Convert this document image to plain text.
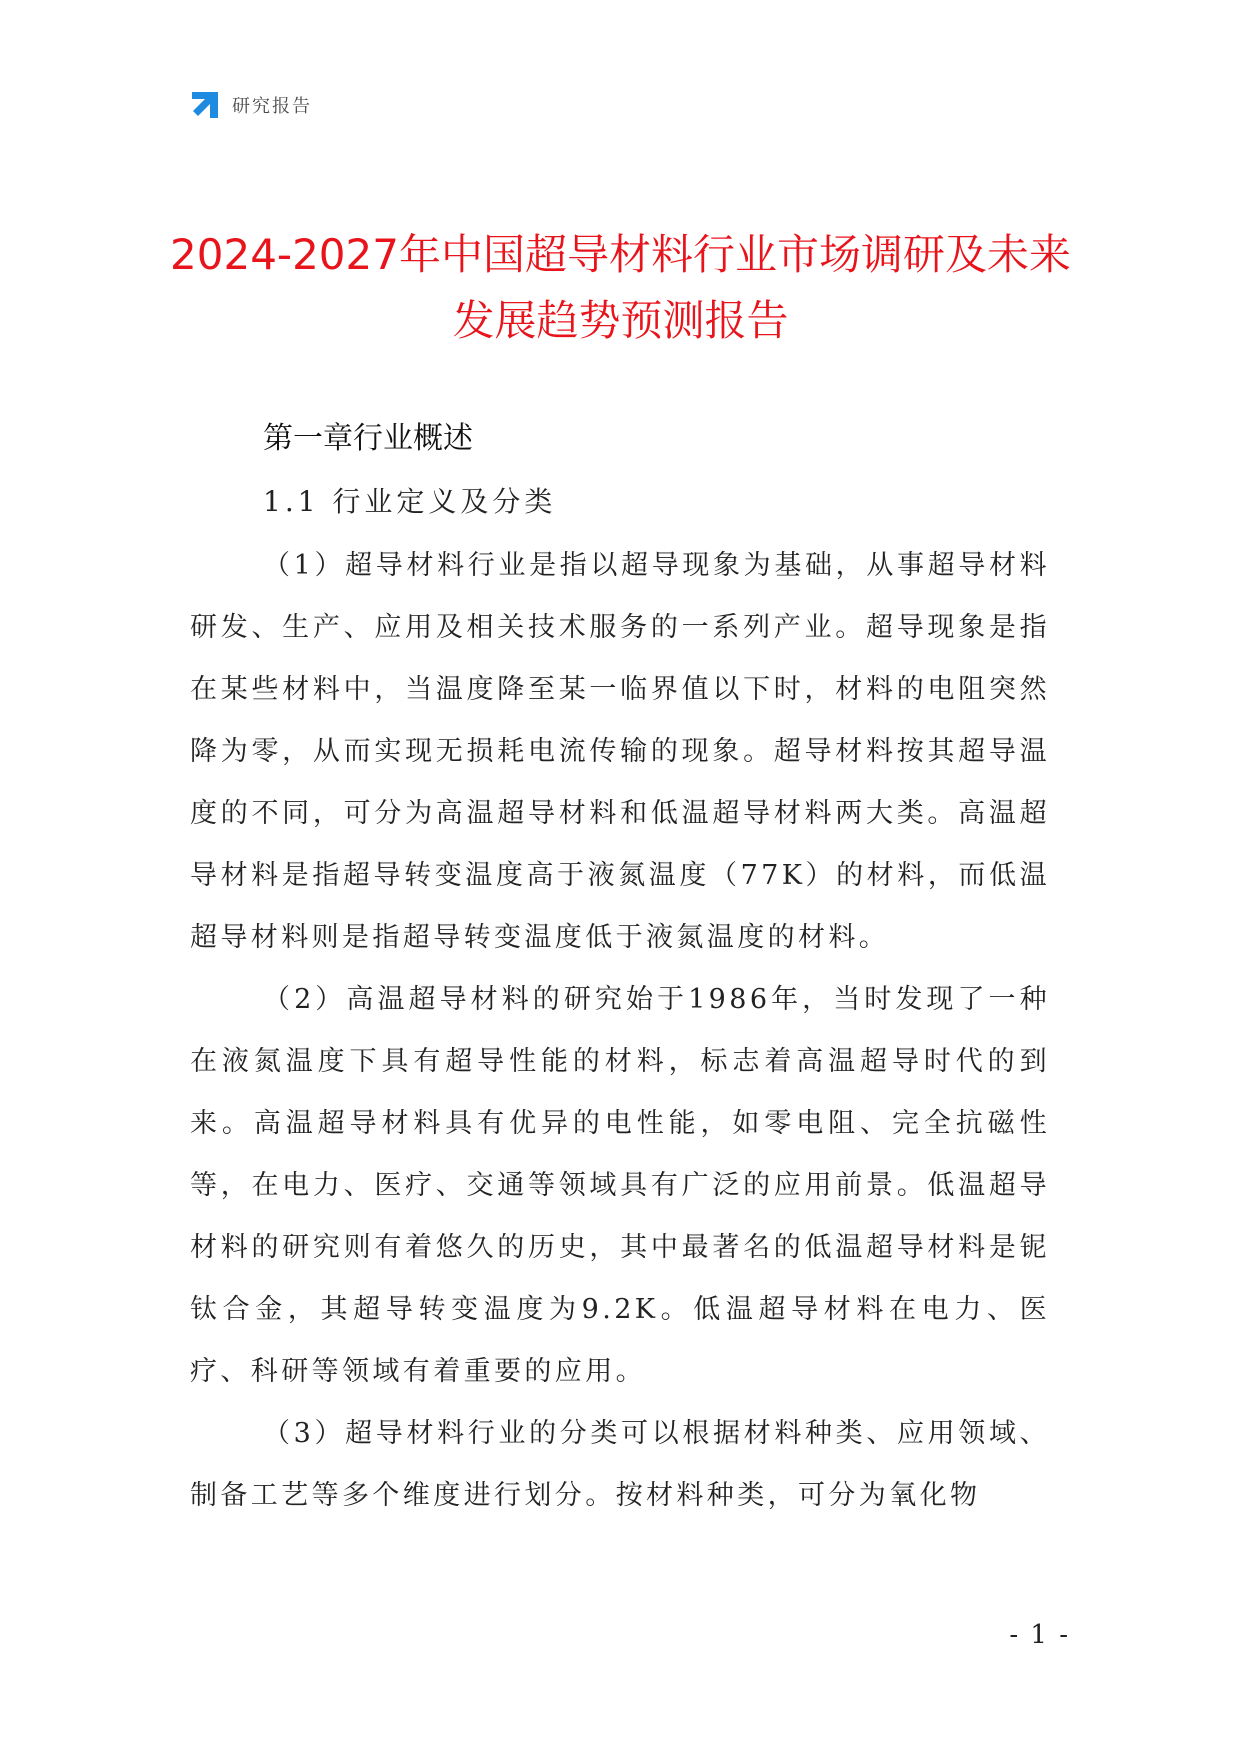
研究报告
2024-2027年中国超导材料行业市场调研及未来发展趋势预测报告
第一章行业概述
1.1 行业定义及分类

（1）超导材料行业是指以超导现象为基础，从事超导材料研发、生产、应用及相关技术服务的一系列产业。超导现象是指在某些材料中，当温度降至某一临界值以下时，材料的电阻突然降为零，从而实现无损耗电流传输的现象。超导材料按其超导温度的不同，可分为高温超导材料和低温超导材料两大类。高温超导材料是指超导转变温度高于液氮温度（77K）的材料，而低温超导材料则是指超导转变温度低于液氮温度的材料。

（2）高温超导材料的研究始于1986年，当时发现了一种在液氮温度下具有超导性能的材料，标志着高温超导时代的到来。高温超导材料具有优异的电性能，如零电阻、完全抗磁性等，在电力、医疗、交通等领域具有广泛的应用前景。低温超导材料的研究则有着悠久的历史，其中最著名的低温超导材料是铌钛合金，其超导转变温度为9.2K。低温超导材料在电力、医疗、科研等领域有着重要的应用。

（3）超导材料行业的分类可以根据材料种类、应用领域、制备工艺等多个维度进行划分。按材料种类，可分为氧化物

- 1 -
